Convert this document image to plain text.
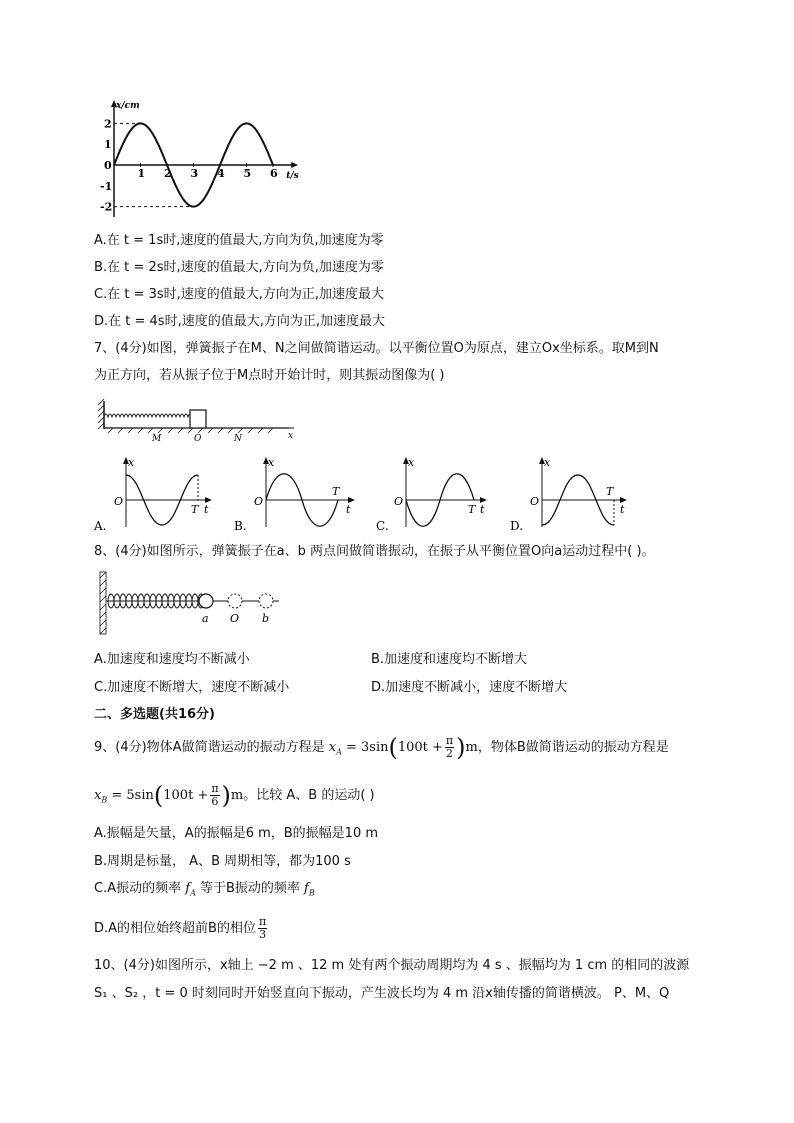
1 2 3 4 5 6
2
1
0
-1
-2
x/cm
t/s
A.在 t = 1s时,速度的值最大,方向为负,加速度为零
B.在 t = 2s时,速度的值最大,方向为负,加速度为零
C.在 t = 3s时,速度的值最大,方向为正,加速度最大
D.在 t = 4s时,速度的值最大,方向为正,加速度最大
7、(4分)如图，弹簧振子在M、N之间做简谐运动。以平衡位置O为原点，建立Ox坐标系。取M到N
为正方向，若从振子位于M点时开始计时，则其振动图像为( )
M	O	N	x
x
O
T t
A.
x
O
T
t
B.
x
O
T t
C.
x
O
T
t
D.
8、(4分)如图所示，弹簧振子在a、b 两点间做简谐振动，在振子从平衡位置O向a运动过程中( )。
a O b
A.加速度和速度均不断减小	B.加速度和速度均不断增大
C.加速度不断增大，速度不断减小	D.加速度不断减小，速度不断增大
二、多选题(共16分)
9、(4分)物体A做简谐运动的振动方程是 $x_A = 3\sin(100t + \frac{\pi}{2} )m$，物体B做简谐运动的振动方程是
$x_B = 5\sin(100t + \frac{\pi}{6} )m$。比较 A、B 的运动( )
A.振幅是矢量，A的振幅是6 m，B的振幅是10 m
B.周期是标量， A、B 周期相等，都为100 s
C.A振动的频率 $f_A$ 等于B振动的频率 $f_B$
D.A的相位始终超前B的相位 $\frac{\pi}{3}$
10、(4分)如图所示，x轴上 −2 m 、12 m 处有两个振动周期均为 4 s 、振幅均为 1 cm 的相同的波源
S₁ 、S₂ ，t = 0 时刻同时开始竖直向下振动，产生波长均为 4 m 沿x轴传播的简谐横波。 P、M、Q
